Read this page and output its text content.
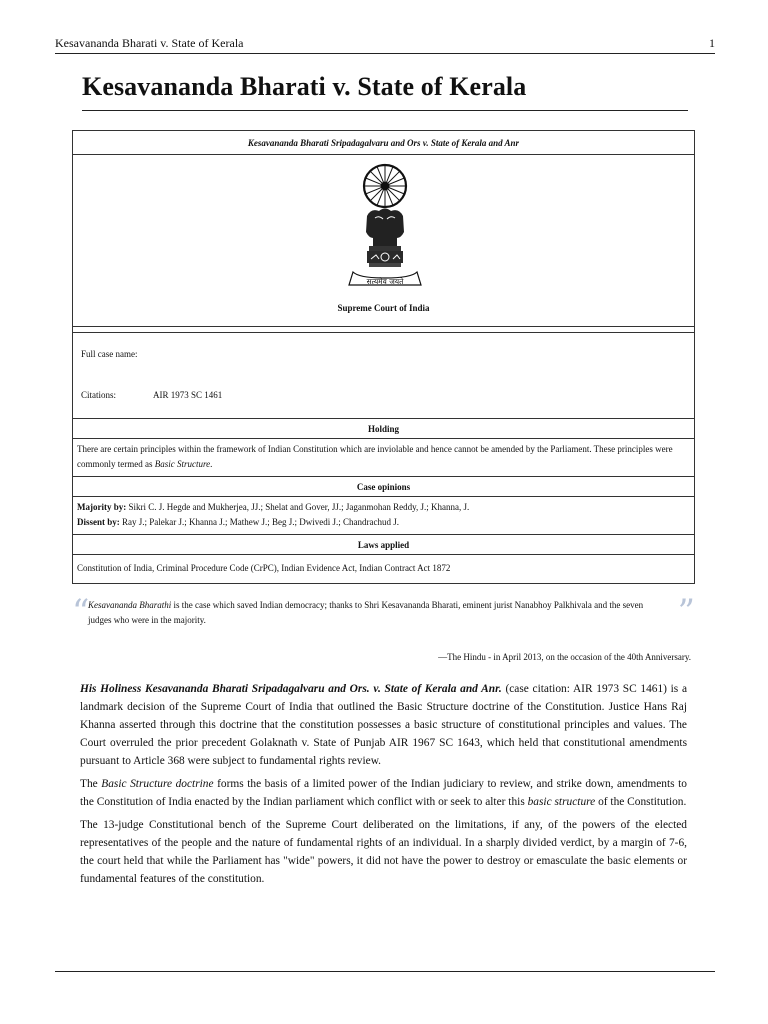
Kesavananda Bharati v. State of Kerala	1
Kesavananda Bharati v. State of Kerala
Kesavananda Bharati Sripadagalvaru and Ors v. State of Kerala and Anr
सत्यमेव जयते
Supreme Court of India
Full case name:
Citations:	AIR 1973 SC 1461
Holding
There are certain principles within the framework of Indian Constitution which are inviolable and hence cannot be amended by the Parliament. These principles were commonly termed as Basic Structure.
Case opinions
Majority by: Sikri C. J. Hegde and Mukherjea, JJ.; Shelat and Gover, JJ.; Jaganmohan Reddy, J.; Khanna, J.
Dissent by: Ray J.; Palekar J.; Khanna J.; Mathew J.; Beg J.; Dwivedi J.; Chandrachud J.
Laws applied
Constitution of India, Criminal Procedure Code (CrPC), Indian Evidence Act, Indian Contract Act 1872
“
Kesavananda Bharathi is the case which saved Indian democracy; thanks to Shri Kesavananda Bharati, eminent jurist Nanabhoy Palkhivala and the seven judges who were in the majority.	”
—The Hindu - in April 2013, on the occasion of the 40th Anniversary.

His Holiness Kesavananda Bharati Sripadagalvaru and Ors. v. State of Kerala and Anr. (case citation: AIR 1973 SC 1461) is a landmark decision of the Supreme Court of India that outlined the Basic Structure doctrine of the Constitution. Justice Hans Raj Khanna asserted through this doctrine that the constitution possesses a basic structure of constitutional principles and values. The Court overruled the prior precedent Golaknath v. State of Punjab AIR 1967 SC 1643, which held that constitutional amendments pursuant to Article 368 were subject to fundamental rights review.

The Basic Structure doctrine forms the basis of a limited power of the Indian judiciary to review, and strike down, amendments to the Constitution of India enacted by the Indian parliament which conflict with or seek to alter this basic structure of the Constitution.

The 13-judge Constitutional bench of the Supreme Court deliberated on the limitations, if any, of the powers of the elected representatives of the people and the nature of fundamental rights of an individual. In a sharply divided verdict, by a margin of 7-6, the court held that while the Parliament has "wide" powers, it did not have the power to destroy or emasculate the basic elements or fundamental features of the constitution.
